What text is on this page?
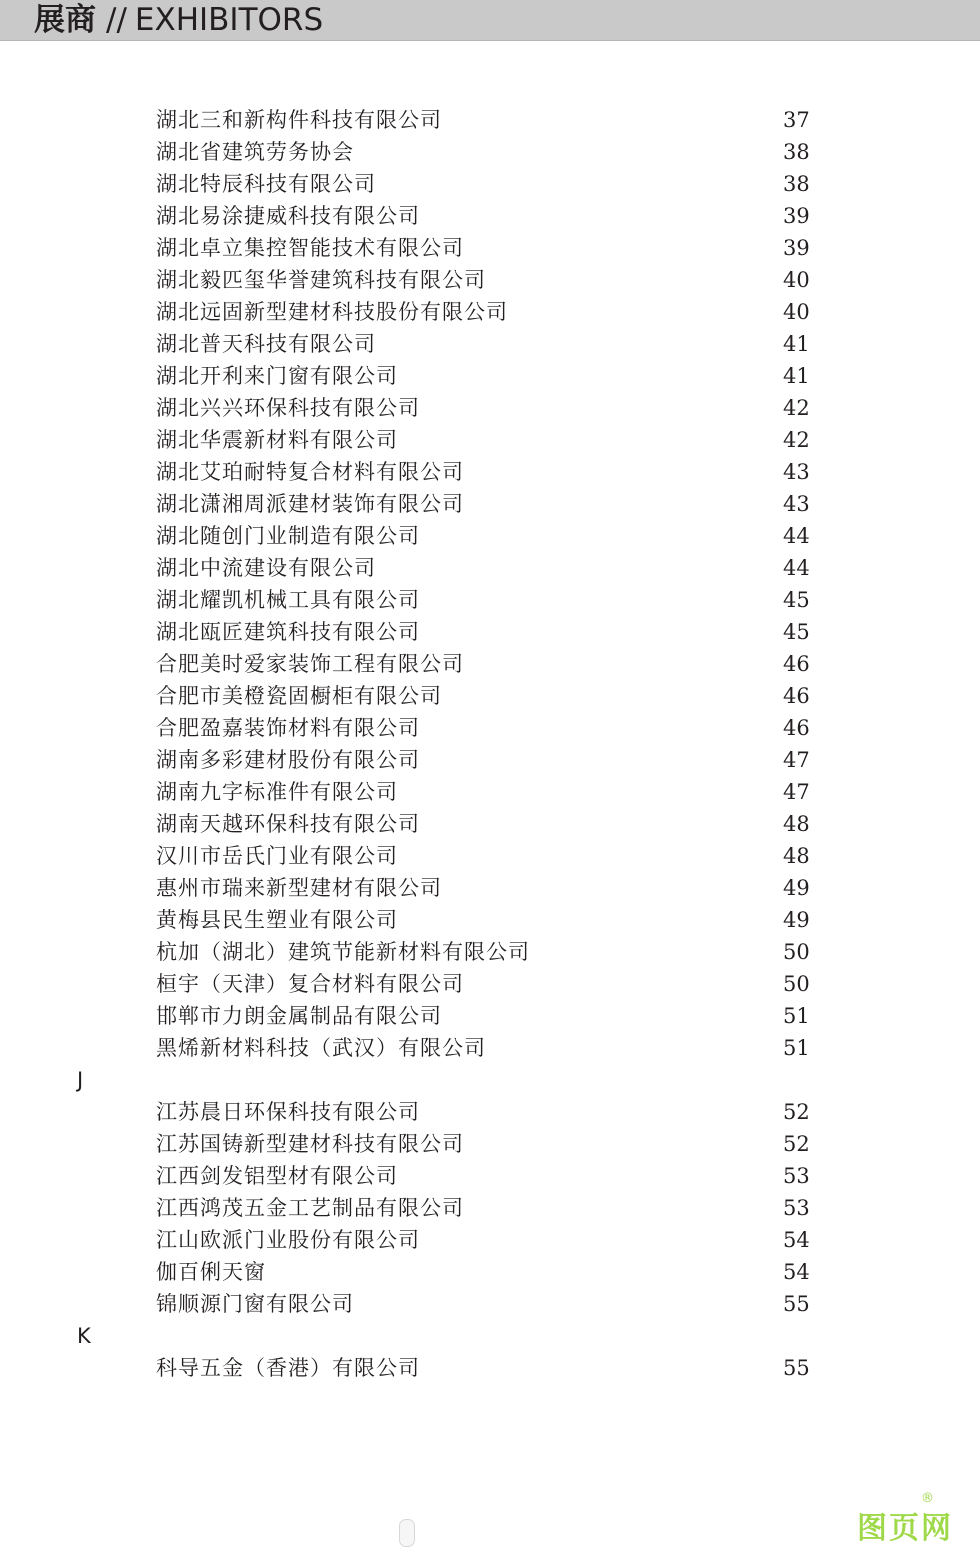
展商 // EXHIBITORS
湖北三和新构件科技有限公司	37
湖北省建筑劳务协会	38
湖北特辰科技有限公司	38
湖北易涂捷威科技有限公司	39
湖北卓立集控智能技术有限公司	39
湖北毅匹玺华誉建筑科技有限公司	40
湖北远固新型建材科技股份有限公司	40
湖北普天科技有限公司	41
湖北开利来门窗有限公司	41
湖北兴兴环保科技有限公司	42
湖北华震新材料有限公司	42
湖北艾珀耐特复合材料有限公司	43
湖北潇湘周派建材装饰有限公司	43
湖北随创门业制造有限公司	44
湖北中流建设有限公司	44
湖北耀凯机械工具有限公司	45
湖北瓯匠建筑科技有限公司	45
合肥美时爱家装饰工程有限公司	46
合肥市美橙瓷固橱柜有限公司	46
合肥盈嘉装饰材料有限公司	46
湖南多彩建材股份有限公司	47
湖南九字标准件有限公司	47
湖南天越环保科技有限公司	48
汉川市岳氏门业有限公司	48
惠州市瑞来新型建材有限公司	49
黄梅县民生塑业有限公司	49
杭加（湖北）建筑节能新材料有限公司	50
桓宇（天津）复合材料有限公司	50
邯郸市力朗金属制品有限公司	51
黑烯新材料科技（武汉）有限公司	51
J
江苏晨日环保科技有限公司	52
江苏国铸新型建材科技有限公司	52
江西剑发铝型材有限公司	53
江西鸿茂五金工艺制品有限公司	53
江山欧派门业股份有限公司	54
伽百俐天窗	54
锦顺源门窗有限公司	55
K
科导五金（香港）有限公司	55
图页网
®
